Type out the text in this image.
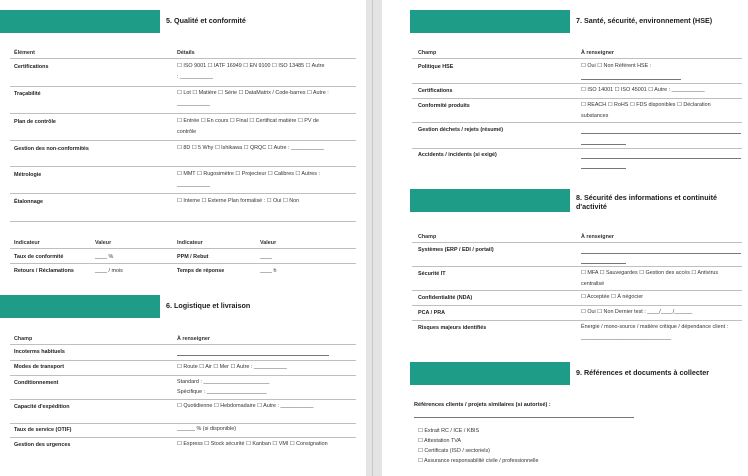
5. Qualité et conformité
Élément	Détails
Certifications	☐ ISO 9001 ☐ IATF 16949 ☐ EN 9100 ☐ ISO 13485 ☐ Autre : ___________
Traçabilité	☐ Lot ☐ Matière ☐ Série ☐ DataMatrix / Code-barres ☐ Autre : ___________
Plan de contrôle	☐ Entrée ☐ En cours ☐ Final ☐ Certificat matière ☐ PV de contrôle
Gestion des non-conformités	☐ 8D ☐ 5 Why ☐ Ishikawa ☐ QRQC ☐ Autre : ___________
Métrologie	☐ MMT ☐ Rugosimètre ☐ Projecteur ☐ Calibres ☐ Autres : ___________
Étalonnage	☐ Interne ☐ Externe Plan formalisé : ☐ Oui ☐ Non
Indicateur	Valeur	Indicateur	Valeur
Taux de conformité	____ %	PPM / Rebut	____
Retours / Réclamations	____ / mois	Temps de réponse	____ h
6. Logistique et livraison
Champ	À renseigner
Incoterms habituels
Modes de transport	☐ Route ☐ Air ☐ Mer ☐ Autre : ___________
Conditionnement	Standard : ______________________
Spécifique : ____________________
Capacité d'expédition	☐ Quotidienne ☐ Hebdomadaire ☐ Autre : ___________
Taux de service (OTIF)	______ % (si disponible)
Gestion des urgences	☐ Express ☐ Stock sécurité ☐ Kanban ☐ VMI ☐ Consignation
7. Santé, sécurité, environnement (HSE)
Champ	À renseigner
Politique HSE	☐ Oui ☐ Non Référent HSE :
Certifications	☐ ISO 14001 ☐ ISO 45001 ☐ Autre : ___________
Conformité produits	☐ REACH ☐ RoHS ☐ FDS disponibles ☐ Déclaration substances
Gestion déchets / rejets (résumé)
Accidents / incidents (si exigé)
8. Sécurité des informations et continuité d'activité
Champ	À renseigner
Systèmes (ERP / EDI / portail)
Sécurité IT	☐ MFA ☐ Sauvegardes ☐ Gestion des accès ☐ Antivirus centralisé
Confidentialité (NDA)	☐ Acceptée ☐ À négocier
PCA / PRA	☐ Oui ☐ Non Dernier test : ____/____/______
Risques majeurs identifiés	Énergie / mono-source / matière critique / dépendance client : ______________________________
9. Références et documents à collecter
Références clients / projets similaires (si autorisé) :
☐ Extrait RC / ICE / KBIS
☐ Attestation TVA
☐ Certificats (ISO / sectoriels)
☐ Assurance responsabilité civile / professionnelle
